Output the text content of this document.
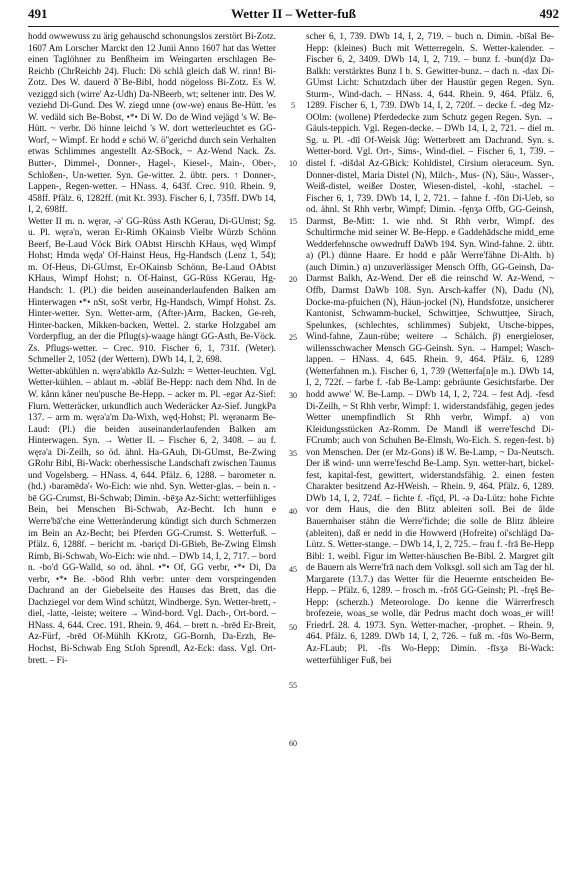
491	Wetter II – Wetter-fuß	492

hodd owwewuss zu ärig gehauschd schonungslos zerstört Bi-Zotz. 1607 Am Lorscher Marckt den 12 Junii Anno 1607 hat das Wetter einen Taglöhner zu Benßheim im Weingarten erschlagen Be-Reichb (ChrReichb 24). Fluch: Dö schlå gleich daß W. rinn! Bi-Zotz. Des W. dauerd ð̃ Be-Bibl, hodd nögeloss Bi-Zotz. Es W. veziggd sich (wirre' Az-Udh) Da-NBeerb, wt; seltener intr. Des W. veziehd Di-Gund. Des W. ziegd unne (ow-we) enaus Be-Hütt. 'es W. vedäld sich Be-Bobst, •*• Di W. Do de Wind vejägd 's W. Be-Hütt. ~ verbr. Dö hinne leichd 's W. dort wetterleuchtet es GG-Worf, ~ Wimpf. Er hodd e schö W. ö''gerichd durch sein Verhalten etwas Schlimmes angestellt Az-SBock, ~ Az-Wend Nack. Zs. Butter-, Dimmel-, Donner-, Hagel-, Kiesel-, Main-, Ober-, Schloßen-, Un-wetter. Syn. Ge-witter. 2. übtr. pers. ↑ Donner-, Lappen-, Regen-wetter. – HNass. 4, 643f. Crec. 910. Rhein. 9, 458ff. Pfälz. 6, 1282ff. (mit Kt. 393). Fischer 6, I, 735ff. DWb 14, I, 2, 698ff.

Wetter II m. n. węrər, -ə' GG-Rüss Asth KGerau, Di-GUmst; Sg. u. Pl. węrə'n, werən Er-Rimh OKainsb Vielbr Würzb Schönn Beerf, Be-Laud Vöck Birk OAbtst Hirschh KHaus, węd̦ Wimpf Hohst; Hmda węd̦ə' Of-Hainst Heus, Hg-Handsch (Lenz 1, 54); m. Of-Heus, Di-GUmst, Er-OKainsb Schönn, Be-Laud OAbtst KHaus, Wimpf Hohst; n. Of-Hainst, GG-Rüss KGerau, Hg-Handsch: 1. (Pl.) die beiden auseinanderlaufenden Balken am Hinterwagen •*• nSt, soSt verbr, Hg-Handsch, Wimpf Hohst. Zs. Hinter-wetter. Syn. Wetter-arm, (After-)Arm, Backen, Ge-reh, Hinter-backen, Mikken-backen, Wettel. 2. starke Holzgabel am Vorderpflug, an der die Pflug(s)-waage hängt GG-Asth, Be-Vöck. Zs. Pflugs-wetter. – Crec. 910. Fischer 6, 1, 731f. (Weter). Schmeller 2, 1052 (der Wettern). DWb 14, I, 2, 698.

Wetter-abkühlen n. węrə'abkīlə Az-Sulzh: = Wetter-leuchten. Vgl. Wetter-kühlen. – ablaut m. -əbläf Be-Hepp: nach dem Nhd. In de W. kånn kåner neu'pusche Be-Hepp. – acker m. Pl. -egər Az-Sief: Flurn. Wetteräcker, urkundlich auch Wederäcker Az-Sief. JungkPa 137. – arm m. węrə'a'm Da-Wixh, węd̦-Hohst; Pl. węrənərm Be-Laud: (Pl.) die beiden auseinanderlaufenden Balken am Hinterwagen. Syn. → Wetter II. – Fischer 6, 2, 3408. – au f. węrə'a Di-Zeilh, so öd. ähnl. Ha-GAuh, Di-GUmst, Be-Zwing GRohr Bibl, Bi-Wack: oberhessische Landschaft zwischen Taunus und Vogelsberg. – HNass. 4, 644. Pfälz. 6, 1288. – barometer n. (hd.) ›barəmēdə'‹ Wo-Eich: wie nhd. Syn. Wetter-glas. – bein n. -bē GG-Crumst, Bi-Schwab; Dimin. -bēʒə Az-Sicht: wetterfühliges Bein, bei Menschen Bi-Schwab, Az-Becht. Ich hunn e Werre'bā'che eine Wetteränderung kündigt sich durch Schmerzen im Bein an Az-Becht; bei Pferden GG-Crumst. S. Wetterfuß. – Pfälz. 6, 1288f. – bericht m. -bəriçd Di-GBieb, Be-Zwing Elmsh Rimb, Bi-Schwab, Wo-Eich: wie nhd. – DWb 14, I, 2, 717. – bord n. -bo'd GG-Walld, so od. ähnl. •*• Of, GG verbr, •*• Di, Da verbr, •*• Be. -bōod Rhh verbr: unter dem vorspringenden Dachrand an der Giebelseite des Hauses das Brett, das die Dachziegel vor dem Wind schützt, Windberge. Syn. Wetter-brett, -diel, -latte, -leiste; weitere → Wind-bord. Vgl. Dach-, Ort-bord. – HNass. 4, 644. Crec. 191. Rhein. 9, 464. – brett n. -brēd Er-Breit, Az-Fürf, -brēd Of-Mühlh KKrotz, GG-Bornh, Da-Erzh, Be-Hochst, Bi-Schwab Eng StJoh Sprendl, Az-Eck: dass. Vgl. Ort-brett. – Fi-

5
10
15
20
25
30
35
40
45
50
55
60

scher 6, 1, 739. DWb 14, I, 2, 719. – buch n. Dimin. -bīšəl Be-Hepp: (kleines) Buch mit Wetterregeln. S. Wetter-kalender. – Fischer 6, 2, 3409. DWb 14, I, 2, 719. – bunz f. -bun(d)z Da-Balkh: verstärktes Bunz I b. S. Gewitter-bunz. – dach n. -dax Di-GUmst Licht: Schutzdach über der Haustür gegen Regen. Syn. Sturm-, Wind-dach. – HNass. 4, 644. Rhein. 9, 464. Pfälz. 6, 1289. Fischer 6, 1, 739. DWb 14, I, 2, 720f. – decke f. -deg Mz-OOlm: (wollene) Pferdedecke zum Schutz gegen Regen. Syn. → Gäuls-teppich. Vgl. Regen-decke. – DWb 14, I, 2, 721. – diel m. Sg. u. Pl. -dīl Of-Weisk Jüg: Wetterbrett am Dachrand. Syn. s. Wetter-bord. Vgl. Ort-, Sims-, Wind-diel. – Fischer 6, 1, 739. – distel f. -dišdəl Az-GBick: Kohldistel, Cirsium oleraceum. Syn. Donner-distel, Maria Distel (N), Milch-, Mus- (N), Säu-, Wasser-, Weiß-distel, weißer Doster, Wiesen-distel, -kohl, -stachel. – Fischer 6, 1, 739. DWb 14, I, 2, 721. – fahne f. -fōn Di-Ueb, so od. ähnl. St Rhh verbr, Wimpf; Dimin. -fęnʒə Offb, GG-Geinsh, Darmst, Be-Mitt: 1. wie nhd. St Rhh verbr, Wimpf. des Schultirmche mid seiner W. Be-Hepp. e Gaddehādsche midd_eme Wedderfehnsche owwedruff DaWb 194. Syn. Wind-fahne. 2. übtr. a) (Pl.) dünne Haare. Er hodd e påår Werre'fähne Di-Alth. b) (auch Dimin.) α) unzuverlässiger Mensch Offb, GG-Geinsh, Da-Darmst Balkh, Az-Wend. Der eß die reinschd W. Az-Wend, ~ Offb, Darmst DaWb 108. Syn. Arsch-kaffer (N), Dadu (N), Docke-ma-pfuichen (N), Häun-jockel (N), Hundsfotze, unsicherer Kantonist, Schwamm-buckel, Schwittjee, Schwuttjee, Sirach, Spelunkes, (schlechtes, schlimmes) Subjekt, Utsche-bippes, Wind-fahne, Zaun-rübe; weitere → Schälch. β) energieloser, willensschwacher Mensch GG-Geinsh. Syn. → Hampel; Wasch-lappen. – HNass. 4, 645. Rhein. 9, 464. Pfälz. 6, 1289 (Wetterfahnen m.). Fischer 6, 1, 739 (Wetterfa[n]e m.). DWb 14, I, 2, 722f. – farbe f. -fab Be-Lamp: gebräunte Gesichtsfarbe. Der hodd awwe' W. Be-Lamp. – DWb 14, I, 2, 724. – fest Adj. -fesd Di-Zeilh, ~ St Rhh verbr, Wimpf: 1. widerstandsfähig, gegen jedes Wetter unempfindlich St Rhh verbr, Wimpf. a) von Kleidungsstücken Az-Romm. De Mandl iß werre'feschd Di-FCrumb; auch von Schuhen Be-Elmsh, Wo-Eich. S. regen-fest. b) von Menschen. Der (er Mz-Gons) iß W. Be-Lamp, ~ Da-Neutsch. Der iß wind- unn werre'feschd Be-Lamp. Syn. wetter-hart, bickel-fest, kapital-fest, gewittert, widerstandsfähig. 2. einen festen Charakter besitzend Az-HWeish. – Rhein. 9, 464. Pfälz. 6, 1289. DWb 14, I, 2, 724f. – fichte f. -fīçd, Pl. -ə Da-Lütz: hohe Fichte vor dem Haus, die den Blitz ableiten soll. Bei de âlde Bauernhaiser stähn die Werre'fichde; die solle de Blitz âbleire (ableiten), daß er nedd in die Howwerd (Hofreite) oi'schlägd Da-Lütz. S. Wetter-stange. – DWb 14, I, 2, 725. – frau f. -frā Be-Hepp Bibl: 1. weibl. Figur im Wetter-häuschen Be-Bibl. 2. Margret gilt de Bauern als Werre'frā nach dem Volksgl. soll sich am Tag der hl. Margarete (13.7.) das Wetter für die Heuernte entscheiden Be-Hepp. – Pfälz. 6, 1289. – frosch m. -frōš GG-Geinsh; Pl. -fręš Be-Hepp: (scherzh.) Meteorologe. Do kenne die Wärrerfresch brofezeie, woas_se wolle, där Pedrus macht doch woas_er will! FriedrL 28. 4. 1973. Syn. Wetter-macher, -prophet. – Rhein. 9, 464. Pfälz. 6, 1289. DWb 14, I, 2, 726. – fuß m. -fūs Wo-Berm, Az-FLaub; Pl. -fīs Wo-Hepp; Dimin. -fīsʒə Bi-Wack: wetterfühliger Fuß, bei
